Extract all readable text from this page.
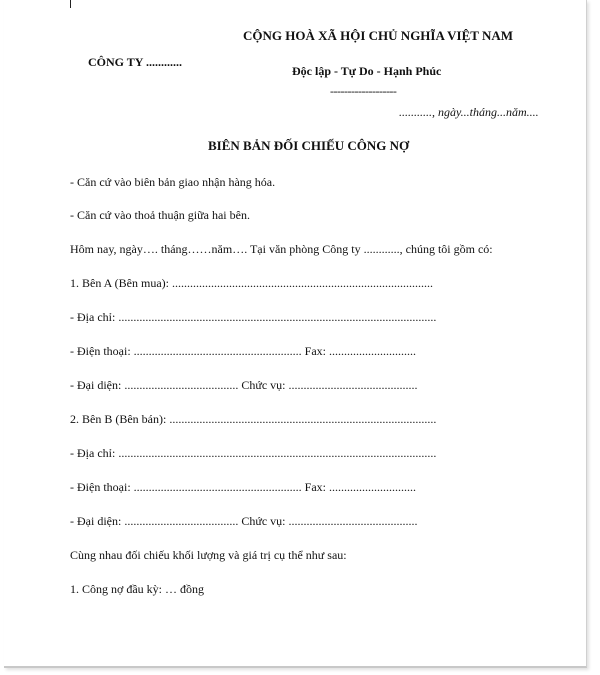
CỘNG HOÀ XÃ HỘI CHỦ NGHĨA VIỆT NAM
CÔNG TY ............
Độc lập - Tự Do - Hạnh Phúc
-------------------
..........., ngày...tháng...năm....
BIÊN BẢN ĐỐI CHIẾU CÔNG NỢ
- Căn cứ vào biên bản giao nhận hàng hóa.
- Căn cứ vào thoả thuận giữa hai bên.
Hôm nay, ngày…. tháng……năm…. Tại văn phòng Công ty ............, chúng tôi gồm có:
1. Bên A (Bên mua): .......................................................................................
- Địa chỉ: ..........................................................................................................
- Điện thoại: ........................................................ Fax: .............................
- Đại diện: ...................................... Chức vụ: ...........................................
2. Bên B (Bên bán): .........................................................................................
- Địa chỉ: ..........................................................................................................
- Điện thoại: ........................................................ Fax: .............................
- Đại diện: ...................................... Chức vụ: ...........................................
Cùng nhau đối chiếu khối lượng và giá trị cụ thể như sau:
1. Công nợ đầu kỳ: … đồng
